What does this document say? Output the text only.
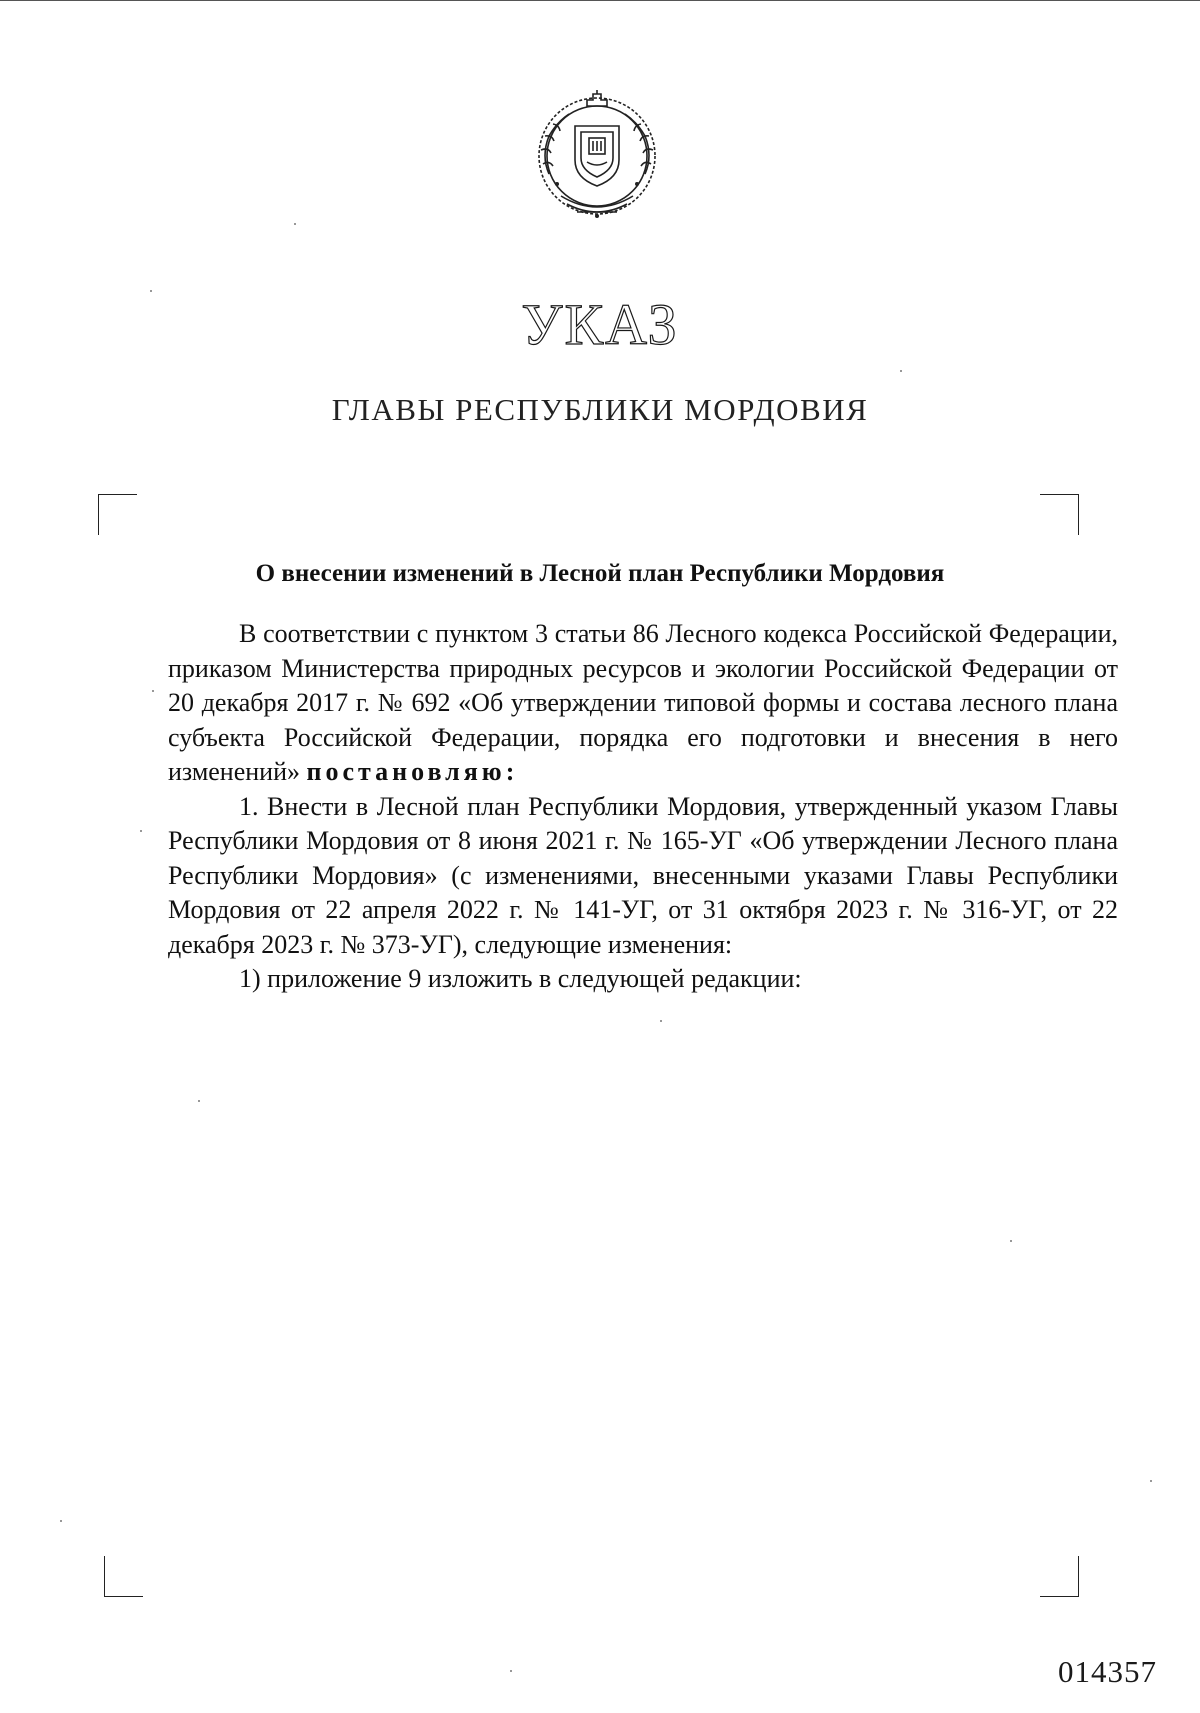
УКАЗ
ГЛАВЫ РЕСПУБЛИКИ МОРДОВИЯ
О внесении изменений в Лесной план Республики Мордовия

В соответствии с пунктом 3 статьи 86 Лесного кодекса Российской Федерации, приказом Министерства природных ресурсов и экологии Российской Федерации от 20 декабря 2017 г. № 692 «Об утверждении типовой формы и состава лесного плана субъекта Российской Федерации, порядка его подготовки и внесения в него изменений» постановляю:

1. Внести в Лесной план Республики Мордовия, утвержденный указом Главы Республики Мордовия от 8 июня 2021 г. № 165-УГ «Об утверждении Лесного плана Республики Мордовия» (с изменениями, внесенными указами Главы Республики Мордовия от 22 апреля 2022 г. № 141-УГ, от 31 октября 2023 г. № 316-УГ, от 22 декабря 2023 г. № 373-УГ), следующие изменения:

1) приложение 9 изложить в следующей редакции:

014357
